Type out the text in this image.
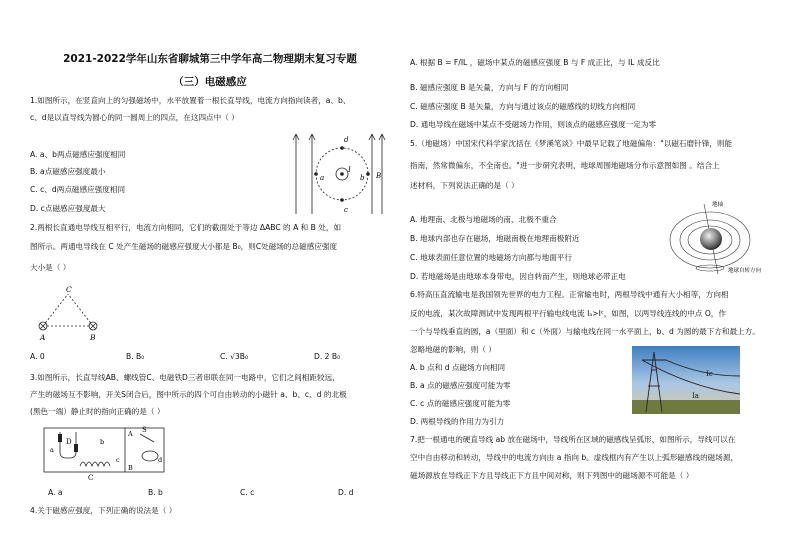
2021-2022学年山东省聊城第三中学年高二物理期末复习专题
（三）电磁感应
1.如图所示，在竖直向上的匀强磁场中，水平放置着一根长直导线，电流方向指向读者，a、b、
c、d是以直导线为圆心的同一圆周上的四点，在这四点中（ ）
A. a、b两点磁感应强度相同
B. a点磁感应强度最小
C. c、d两点磁感应强度相同
D. c点磁感应强度最大
a	b
c
d
B
I
2.两根长直通电导线互相平行，电流方向相同，它们的截面处于等边 ΔABC 的 A 和 B 处，如
图所示。两通电导线在 C 处产生磁场的磁感应强度大小都是 B₀，则C处磁场的总磁感应强度
大小是（ ）
C
A	B
A. 0	B. B₀	C. √3B₀	D. 2 B₀
3.如图所示，长直导线AB、螺线管C、电磁铁D三者串联在同一电路中，它们之间相距较远，
产生的磁场互不影响，开关S闭合后，图中所示的四个可自由转动的小磁针 a、b、c、d 的北极
(黑色一端）静止时的指向正确的是（ ）
D
S
C
A
B
a
b
c	d
A. a	B. b	C. c	D. d
4.关于磁感应强度，下列正确的说法是（ ）
A. 根据 B = F/IL ，磁场中某点的磁感应强度 B 与 F 成正比，与 IL 成反比
B. 磁感应强度 B 是矢量，方向与 F 的方向相同
C. 磁感应强度 B 是矢量，方向与通过该点的磁感线的切线方向相同
D. 通电导线在磁场中某点不受磁场力作用，则该点的磁感应强度一定为零
5.（地磁场）中国宋代科学家沈括在《梦溪笔谈》中最早记载了地磁偏角："以磁石磨针锋，则能
指南，然常微偏东，不全南也。"进一步研究表明，地球周围地磁场分布示意图如图 。结合上
述材料，下列说法正确的是（ ）
A. 地理南、北极与地磁场的南、北极不重合
B. 地球内部也存在磁场，地磁南极在地理南极附近
C. 地球表面任意位置的地磁场方向都与地面平行
D. 若地磁场是由地球本身带电，因自转而产生，则地球必带正电
地轴
地球自转方向
6.特高压直流输电是我国领先世界的电力工程。正常输电时，两根导线中通有大小相等，方向相
反的电流，某次故障测试中发现两根平行输电线电流 Iₐ>Iᶜ，如图，以两导线连线的中点 O，作
一个与导线垂直的圆，a（里面）和 c（外面）与输电线在同一水平面上，b、d 为圆的最下方和最上方。
忽略地磁的影响，则（ ）
A. b 点和 d 点磁场方向相同
B. a 点的磁感应强度可能为零
C. c 点的磁感应强度可能为零
D. 两根导线的作用力为引力
Ic
Ia
7.把一根通电的硬直导线 ab 放在磁场中，导线所在区域的磁感线呈弧形，如图所示，导线可以在
空中自由移动和转动，导线中的电流方向由 a 指向 b。虚线框内有产生以上弧形磁感线的磁场源，
磁场源放在导线正下方且导线正下方且中间对称，则下列图中的磁场源不可能是（ ）
